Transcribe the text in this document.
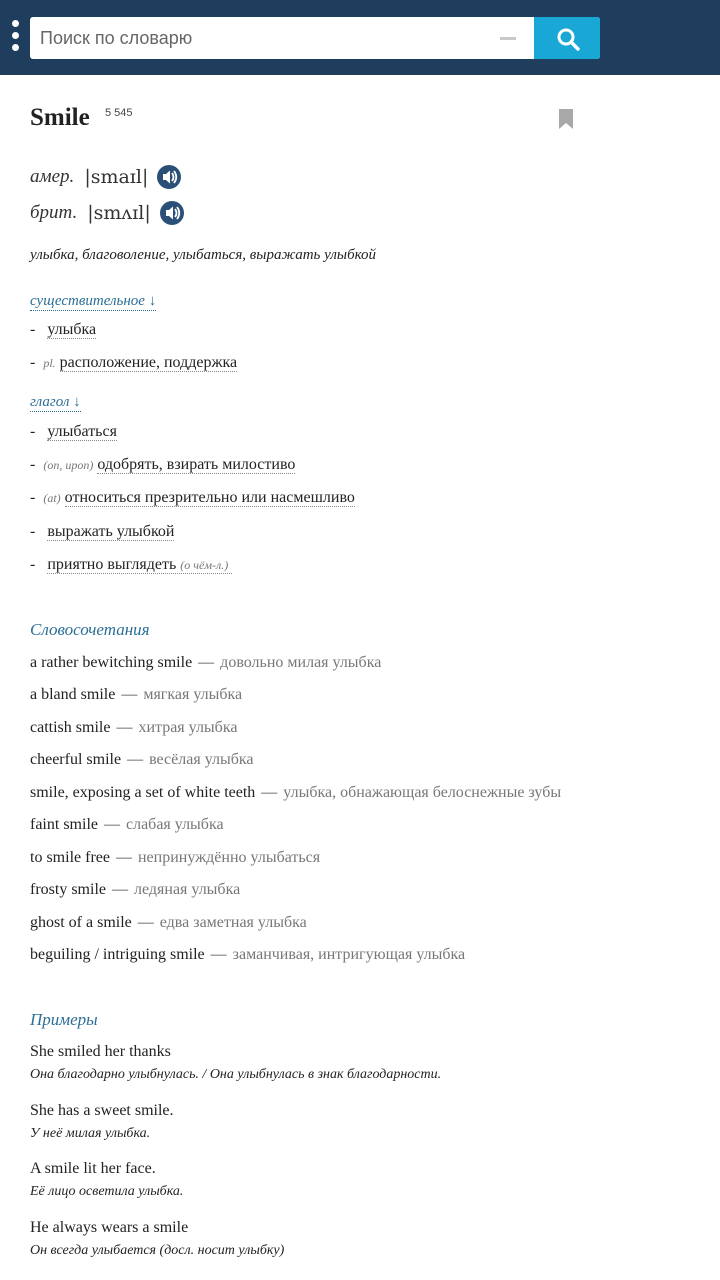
Поиск по словарю
Smile 5 545
амер. |smaɪl|
брит. |smʌɪl|
улыбка, благоволение, улыбаться, выражать улыбкой
существительное ↓
- улыбка
- pl. расположение, поддержка
глагол ↓
- улыбаться
- (on, upon) одобрять, взирать милостиво
- (at) относиться презрительно или насмешливо
- выражать улыбкой
- приятно выглядеть (о чём-л.)
Словосочетания
a rather bewitching smile — довольно милая улыбка
a bland smile — мягкая улыбка
cattish smile — хитрая улыбка
cheerful smile — весёлая улыбка
smile, exposing a set of white teeth — улыбка, обнажающая белоснежные зубы
faint smile — слабая улыбка
to smile free — непринуждённо улыбаться
frosty smile — ледяная улыбка
ghost of a smile — едва заметная улыбка
beguiling / intriguing smile — заманчивая, интригующая улыбка
Примеры
She smiled her thanks
Она благодарно улыбнулась. / Она улыбнулась в знак благодарности.
She has a sweet smile.
У неё милая улыбка.
A smile lit her face.
Её лицо осветила улыбка.
He always wears a smile
Он всегда улыбается (досл. носит улыбку)
